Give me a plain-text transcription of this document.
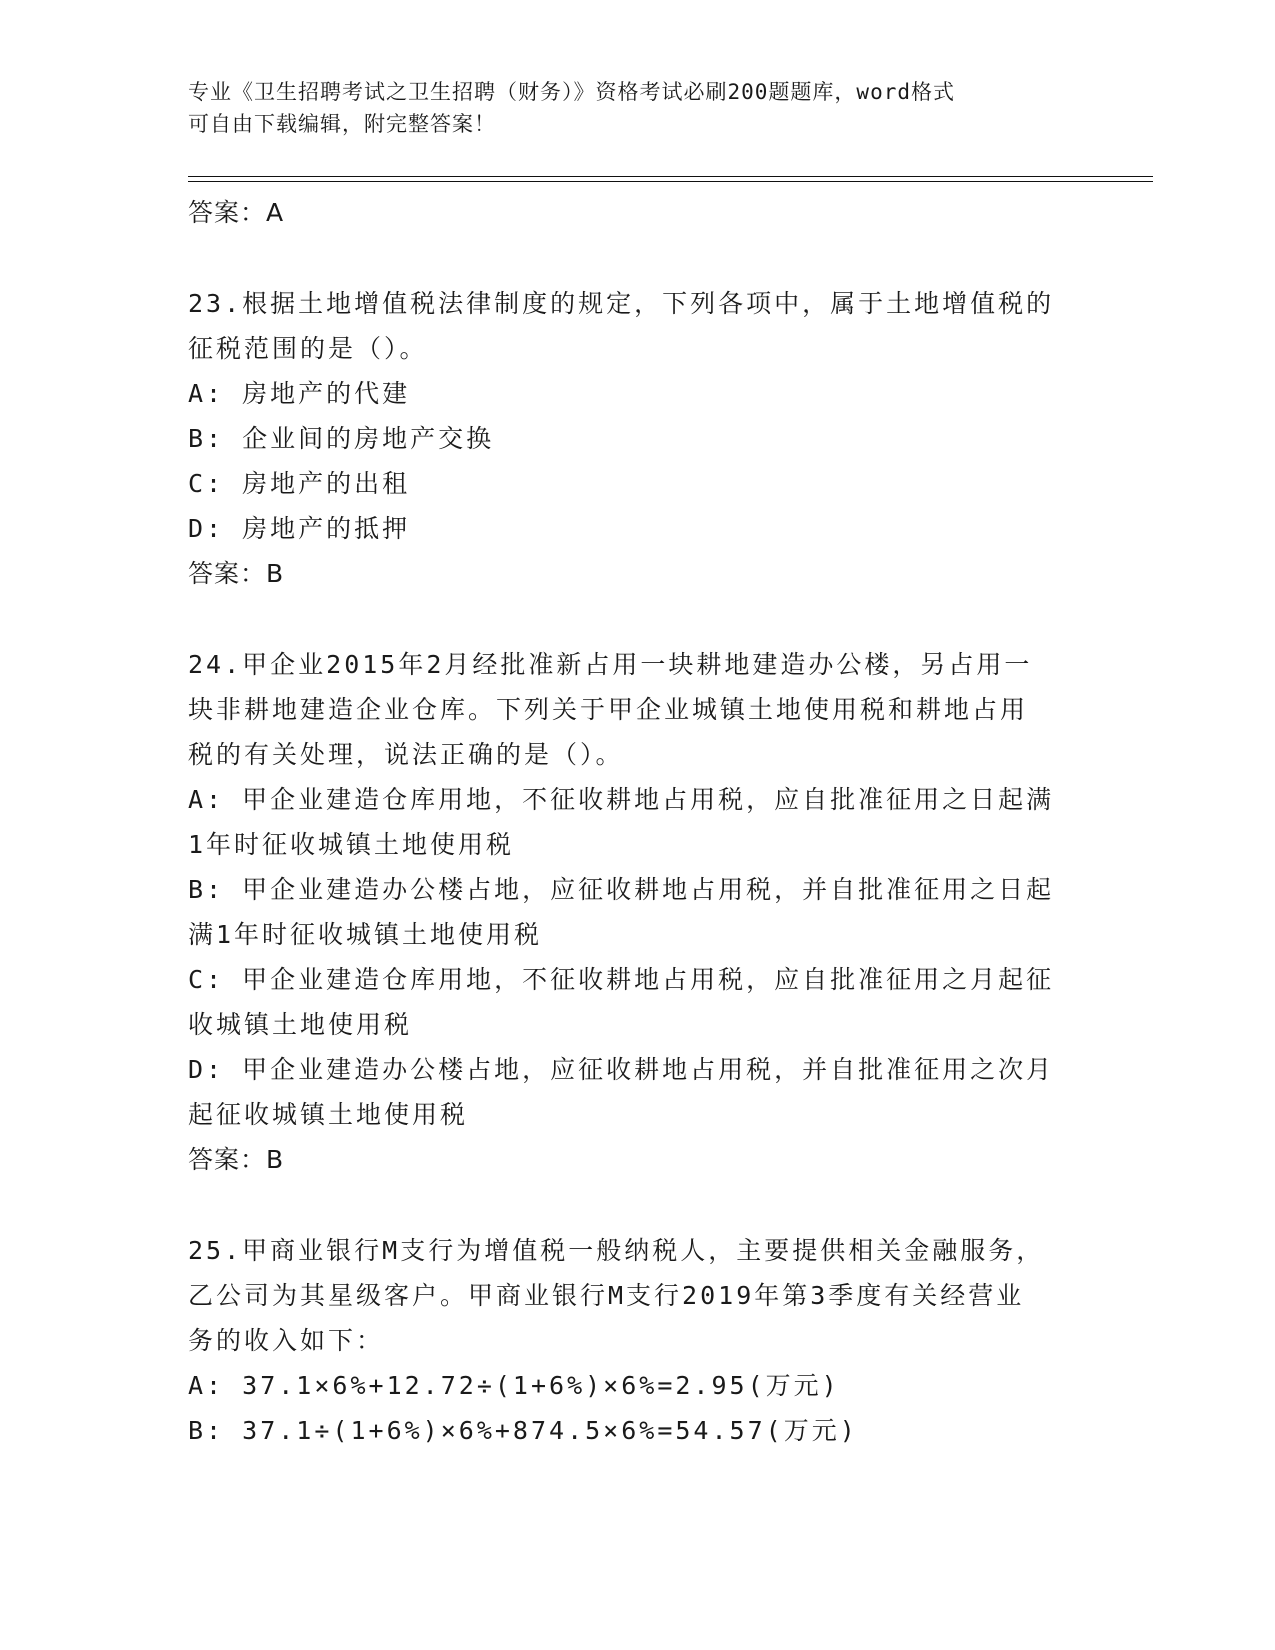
专业《卫生招聘考试之卫生招聘（财务）》资格考试必刷200题题库，word格式
可自由下载编辑，附完整答案！
答案：A
23.根据土地增值税法律制度的规定，下列各项中，属于土地增值税的
征税范围的是（）。
A: 房地产的代建
B: 企业间的房地产交换
C: 房地产的出租
D: 房地产的抵押
答案：B
24.甲企业2015年2月经批准新占用一块耕地建造办公楼，另占用一
块非耕地建造企业仓库。下列关于甲企业城镇土地使用税和耕地占用
税的有关处理，说法正确的是（）。
A: 甲企业建造仓库用地，不征收耕地占用税，应自批准征用之日起满
1年时征收城镇土地使用税
B: 甲企业建造办公楼占地，应征收耕地占用税，并自批准征用之日起
满1年时征收城镇土地使用税
C: 甲企业建造仓库用地，不征收耕地占用税，应自批准征用之月起征
收城镇土地使用税
D: 甲企业建造办公楼占地，应征收耕地占用税，并自批准征用之次月
起征收城镇土地使用税
答案：B
25.甲商业银行M支行为增值税一般纳税人，主要提供相关金融服务，
乙公司为其星级客户。甲商业银行M支行2019年第3季度有关经营业
务的收入如下：
A: 37.1×6%+12.72÷(1+6%)×6%=2.95(万元)
B: 37.1÷(1+6%)×6%+874.5×6%=54.57(万元)
